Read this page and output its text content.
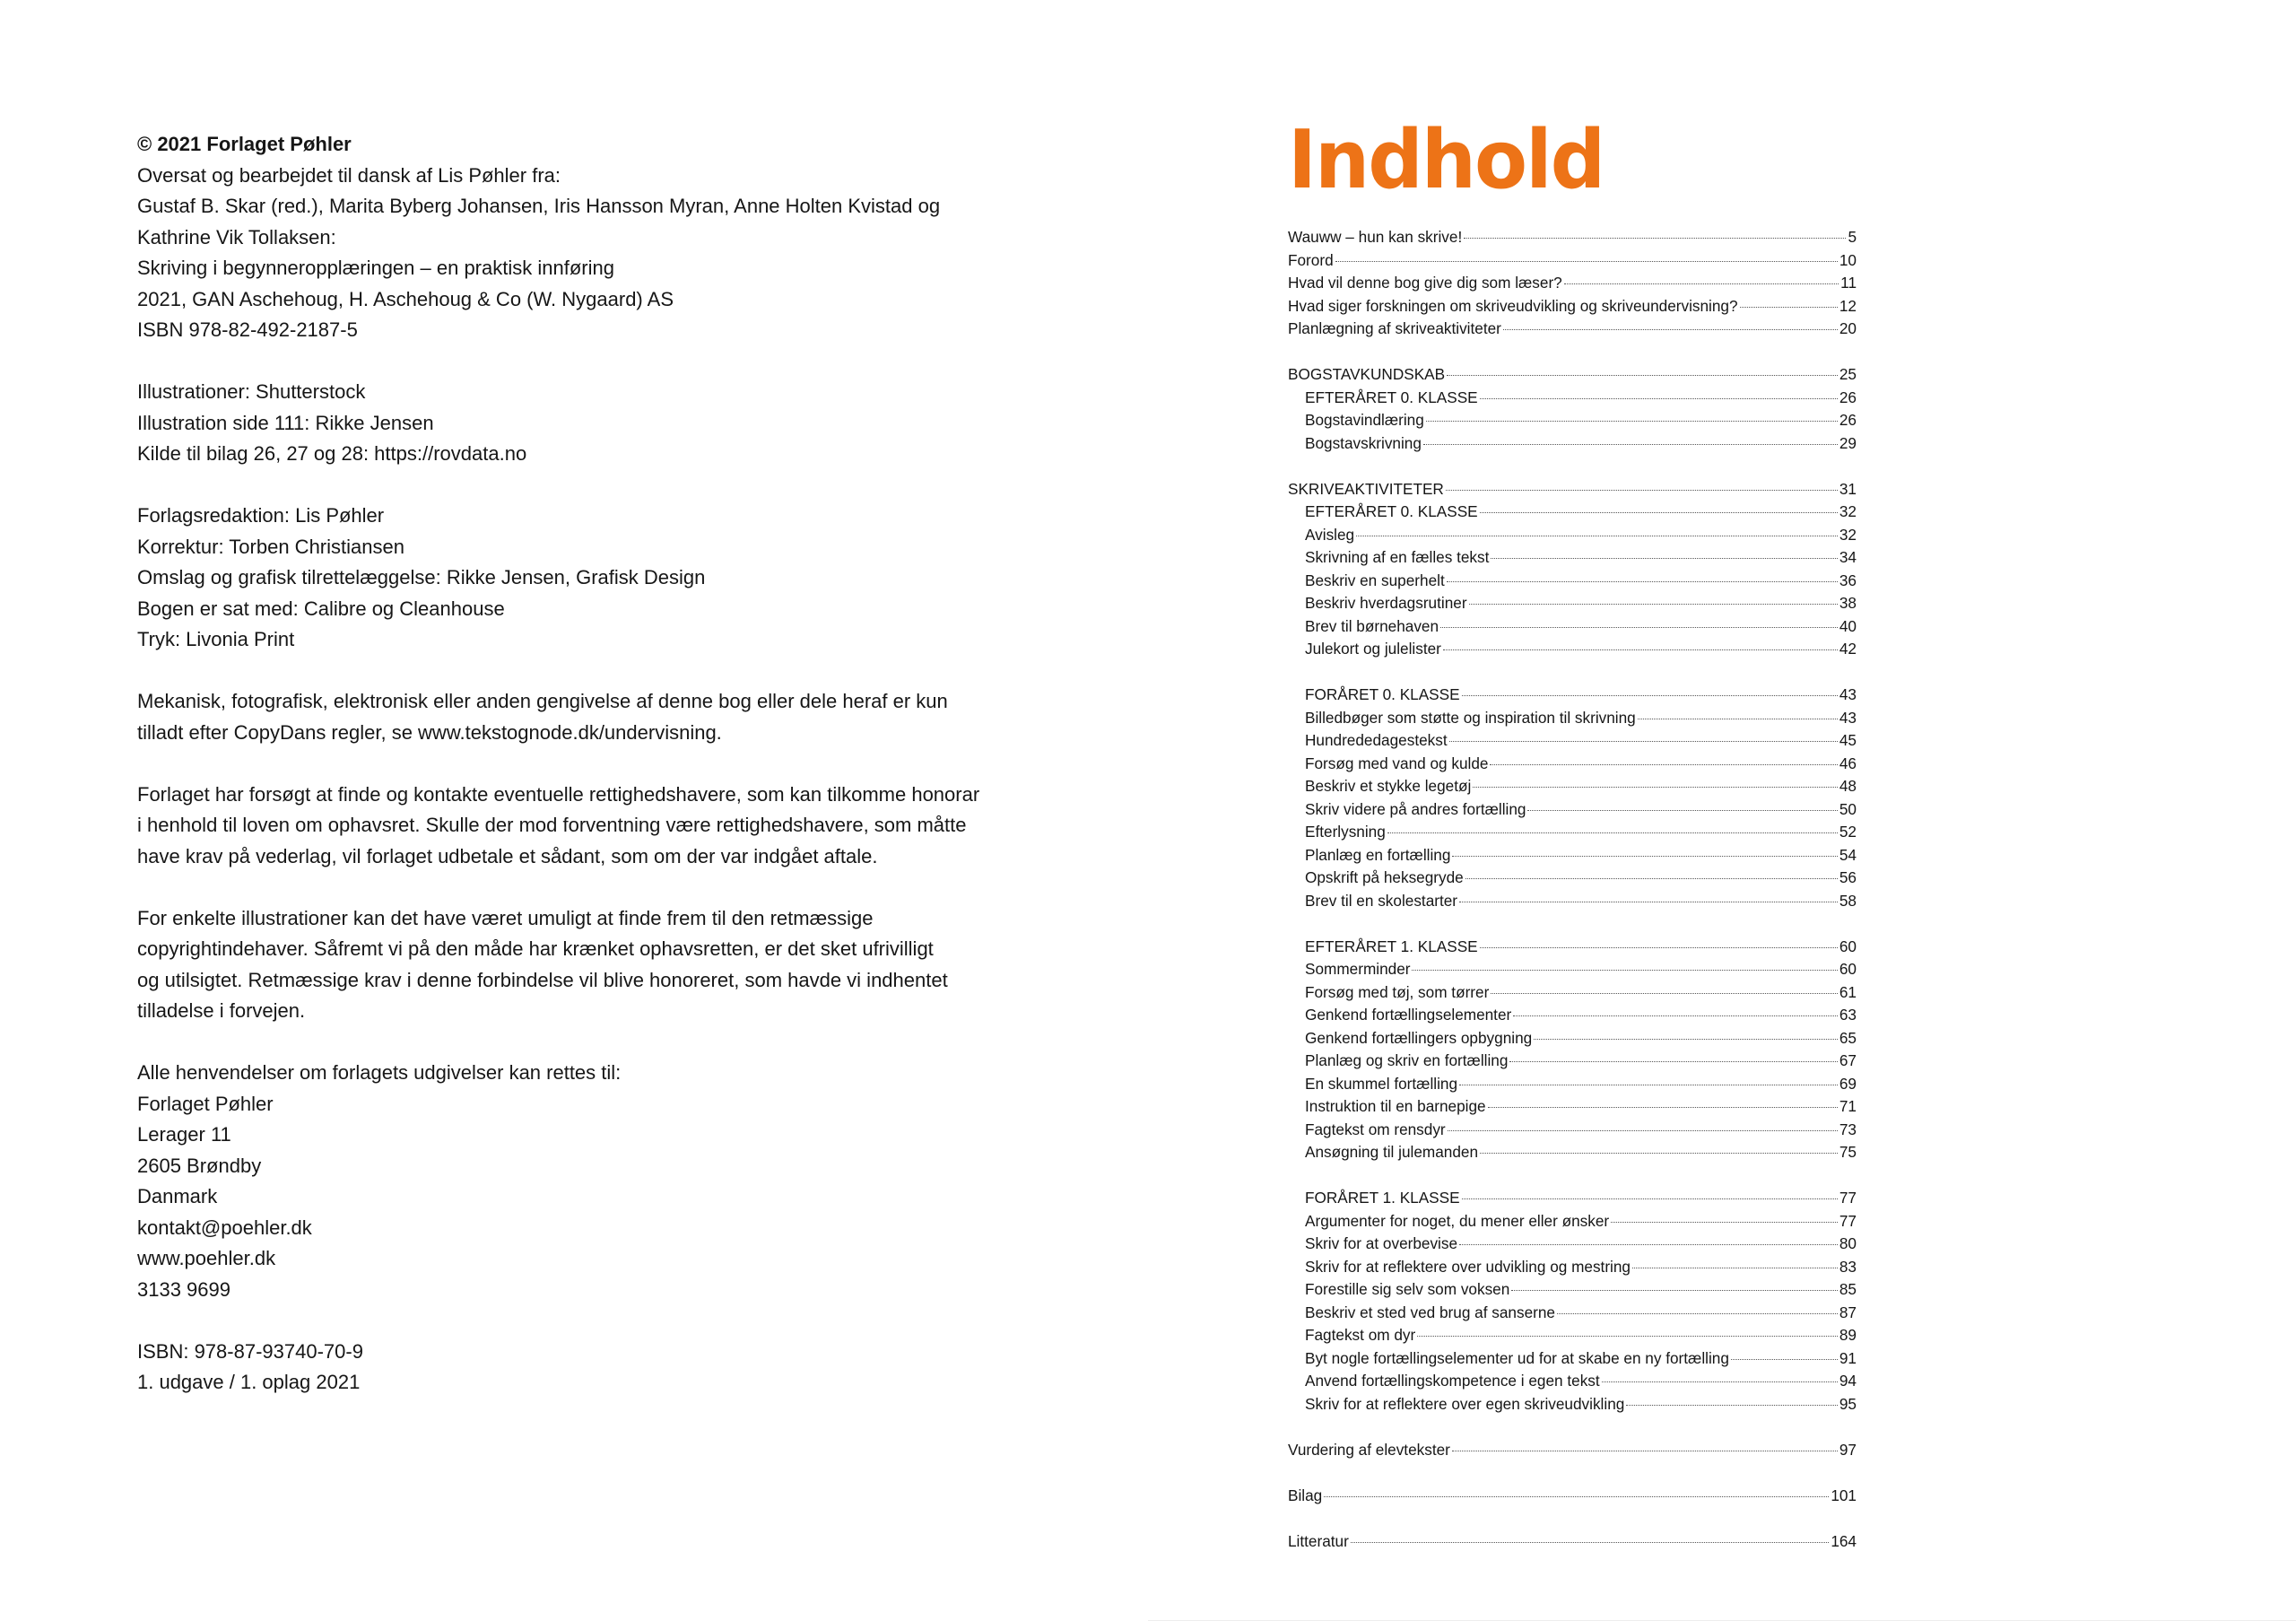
© 2021 Forlaget Pøhler
Oversat og bearbejdet til dansk af Lis Pøhler fra:
Gustaf B. Skar (red.), Marita Byberg Johansen, Iris Hansson Myran, Anne Holten Kvistad og
Kathrine Vik Tollaksen:
Skriving i begynneropplæringen – en praktisk innføring
2021, GAN Aschehoug, H. Aschehoug & Co (W. Nygaard) AS
ISBN 978-82-492-2187-5
Illustrationer: Shutterstock
Illustration side 111: Rikke Jensen
Kilde til bilag 26, 27 og 28: https://rovdata.no
Forlagsredaktion: Lis Pøhler
Korrektur: Torben Christiansen
Omslag og grafisk tilrettelæggelse: Rikke Jensen, Grafisk Design
Bogen er sat med: Calibre og Cleanhouse
Tryk: Livonia Print
Mekanisk, fotografisk, elektronisk eller anden gengivelse af denne bog eller dele heraf er kun
tilladt efter CopyDans regler, se www.tekstognode.dk/undervisning.
Forlaget har forsøgt at finde og kontakte eventuelle rettighedshavere, som kan tilkomme honorar
i henhold til loven om ophavsret. Skulle der mod forventning være rettighedshavere, som måtte
have krav på vederlag, vil forlaget udbetale et sådant, som om der var indgået aftale.
For enkelte illustrationer kan det have været umuligt at finde frem til den retmæssige
copyrightindehaver. Såfremt vi på den måde har krænket ophavsretten, er det sket ufrivilligt
og utilsigtet. Retmæssige krav i denne forbindelse vil blive honoreret, som havde vi indhentet
tilladelse i forvejen.
Alle henvendelser om forlagets udgivelser kan rettes til:
Forlaget Pøhler
Lerager 11
2605 Brøndby
Danmark
kontakt@poehler.dk
www.poehler.dk
3133 9699
ISBN: 978-87-93740-70-9
1. udgave / 1. oplag 2021
Indhold
Wauww – hun kan skrive!	5
Forord	10
Hvad vil denne bog give dig som læser?	11
Hvad siger forskningen om skriveudvikling og skriveundervisning?	12
Planlægning af skriveaktiviteter	20
BOGSTAVKUNDSKAB	25
EFTERÅRET 0. KLASSE	26
Bogstavindlæring	26
Bogstavskrivning	29
SKRIVEAKTIVITETER	31
EFTERÅRET 0. KLASSE	32
Avisleg	32
Skrivning af en fælles tekst	34
Beskriv en superhelt	36
Beskriv hverdagsrutiner	38
Brev til børnehaven	40
Julekort og julelister	42
FORÅRET 0. KLASSE	43
Billedbøger som støtte og inspiration til skrivning	43
Hundrededagestekst	45
Forsøg med vand og kulde	46
Beskriv et stykke legetøj	48
Skriv videre på andres fortælling	50
Efterlysning	52
Planlæg en fortælling	54
Opskrift på heksegryde	56
Brev til en skolestarter	58
EFTERÅRET 1. KLASSE	60
Sommerminder	60
Forsøg med tøj, som tørrer	61
Genkend fortællingselementer	63
Genkend fortællingers opbygning	65
Planlæg og skriv en fortælling	67
En skummel fortælling	69
Instruktion til en barnepige	71
Fagtekst om rensdyr	73
Ansøgning til julemanden	75
FORÅRET 1. KLASSE	77
Argumenter for noget, du mener eller ønsker	77
Skriv for at overbevise	80
Skriv for at reflektere over udvikling og mestring	83
Forestille sig selv som voksen	85
Beskriv et sted ved brug af sanserne	87
Fagtekst om dyr	89
Byt nogle fortællingselementer ud for at skabe en ny fortælling	91
Anvend fortællingskompetence i egen tekst	94
Skriv for at reflektere over egen skriveudvikling	95
Vurdering af elevtekster	97
Bilag	101
Litteratur	164
